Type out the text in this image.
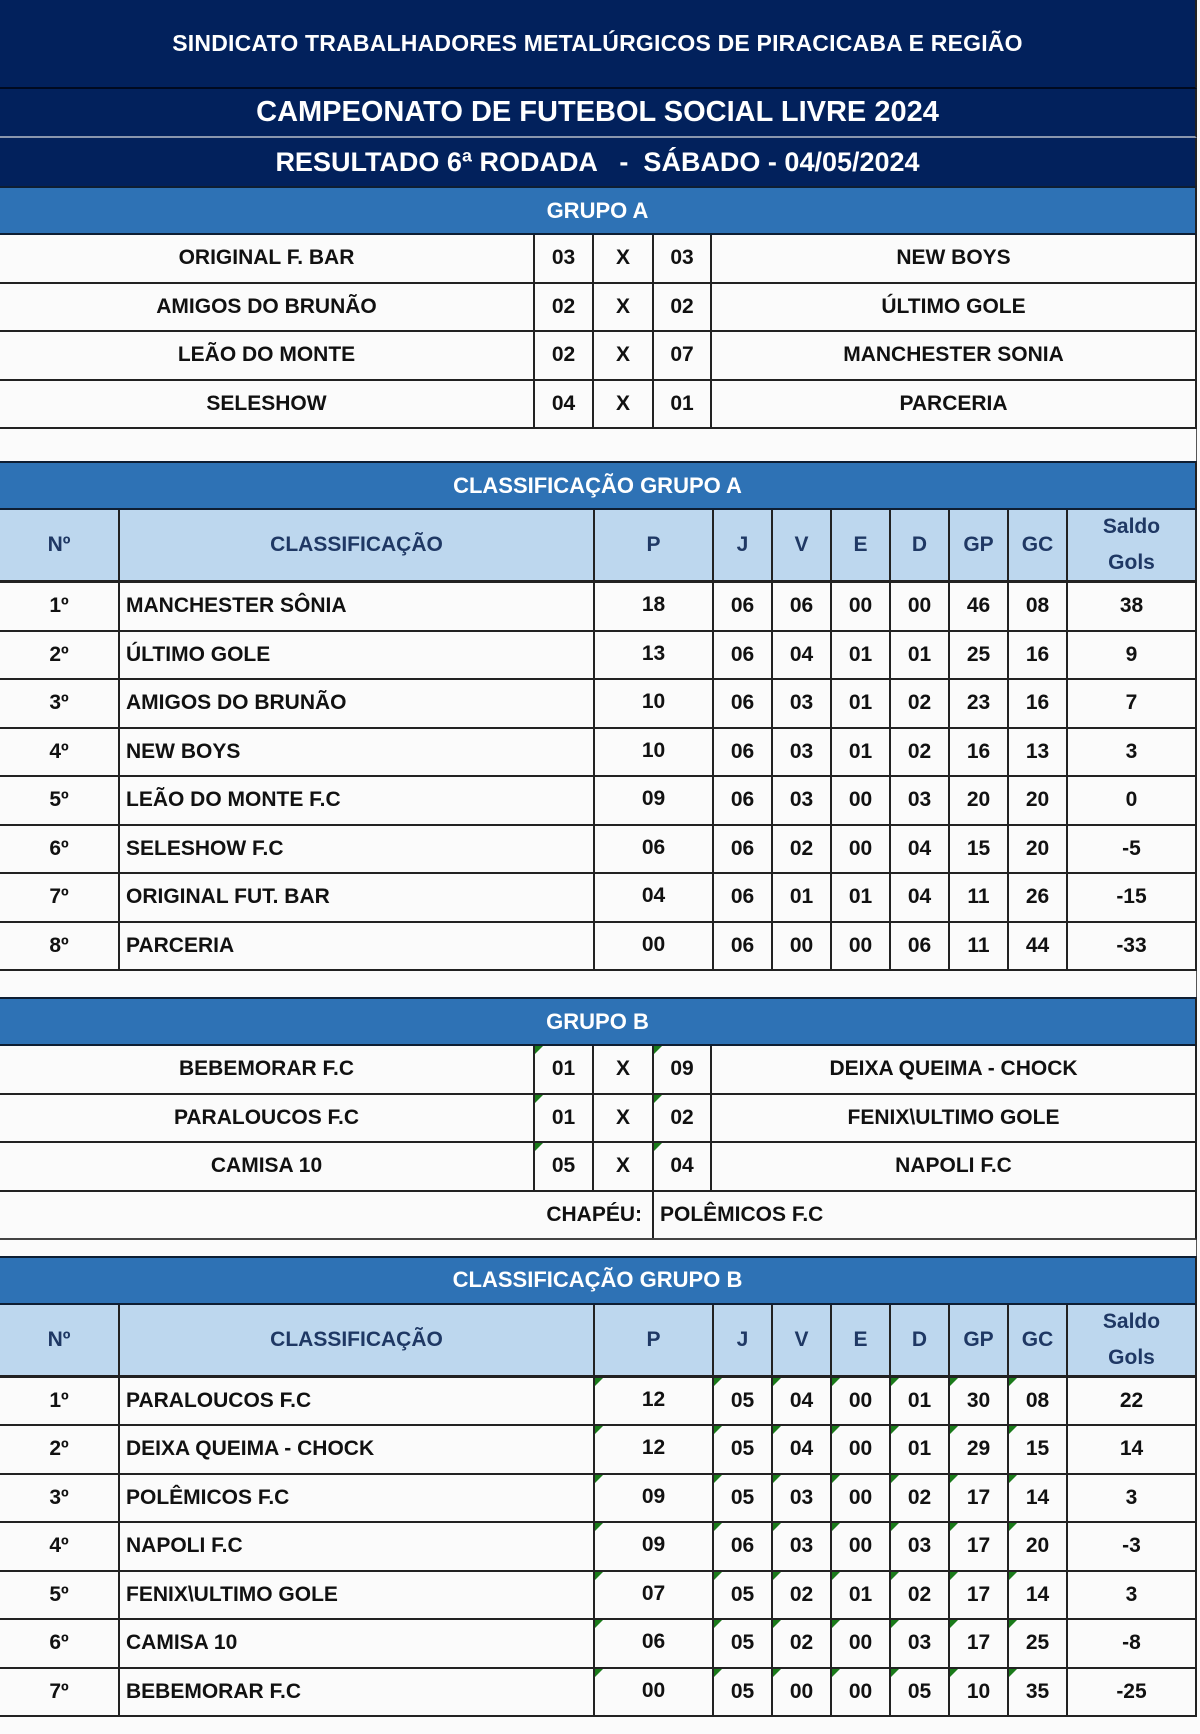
SINDICATO TRABALHADORES METALÚRGICOS DE PIRACICABA E REGIÃO
CAMPEONATO DE FUTEBOL SOCIAL LIVRE 2024
RESULTADO 6ª RODADA   -  SÁBADO - 04/05/2024
GRUPO A
ORIGINAL F. BAR	03	X	03	NEW BOYS
AMIGOS DO BRUNÃO	02	X	02	ÚLTIMO GOLE
LEÃO DO MONTE	02	X	07	MANCHESTER SONIA
SELESHOW	04	X	01	PARCERIA
CLASSIFICAÇÃO GRUPO A
Nº	CLASSIFICAÇÃO	P	J	V	E	D	GP	GC
Saldo
Gols
1º	MANCHESTER SÔNIA	18	06	06	00	00	46	08	38
2º	ÚLTIMO GOLE	13	06	04	01	01	25	16	9
3º	AMIGOS DO BRUNÃO	10	06	03	01	02	23	16	7
4º	NEW BOYS	10	06	03	01	02	16	13	3
5º	LEÃO DO MONTE F.C	09	06	03	00	03	20	20	0
6º	SELESHOW F.C	06	06	02	00	04	15	20	-5
7º	ORIGINAL FUT. BAR	04	06	01	01	04	11	26	-15
8º	PARCERIA	00	06	00	00	06	11	44	-33
GRUPO B
BEBEMORAR F.C	01	X	09	DEIXA QUEIMA - CHOCK
PARALOUCOS F.C	01	X	02	FENIX\ULTIMO GOLE
CAMISA 10	05	X	04	NAPOLI F.C
CHAPÉU: POLÊMICOS F.C
CLASSIFICAÇÃO GRUPO B
Nº	CLASSIFICAÇÃO	P	J	V	E	D	GP	GC
Saldo
Gols
1º	PARALOUCOS F.C	12	05	04	00	01	30	08	22
2º	DEIXA QUEIMA - CHOCK	12	05	04	00	01	29	15	14
3º	POLÊMICOS F.C	09	05	03	00	02	17	14	3
4º	NAPOLI F.C	09	06	03	00	03	17	20	-3
5º	FENIX\ULTIMO GOLE	07	05	02	01	02	17	14	3
6º	CAMISA 10	06	05	02	00	03	17	25	-8
7º	BEBEMORAR F.C	00	05	00	00	05	10	35	-25
